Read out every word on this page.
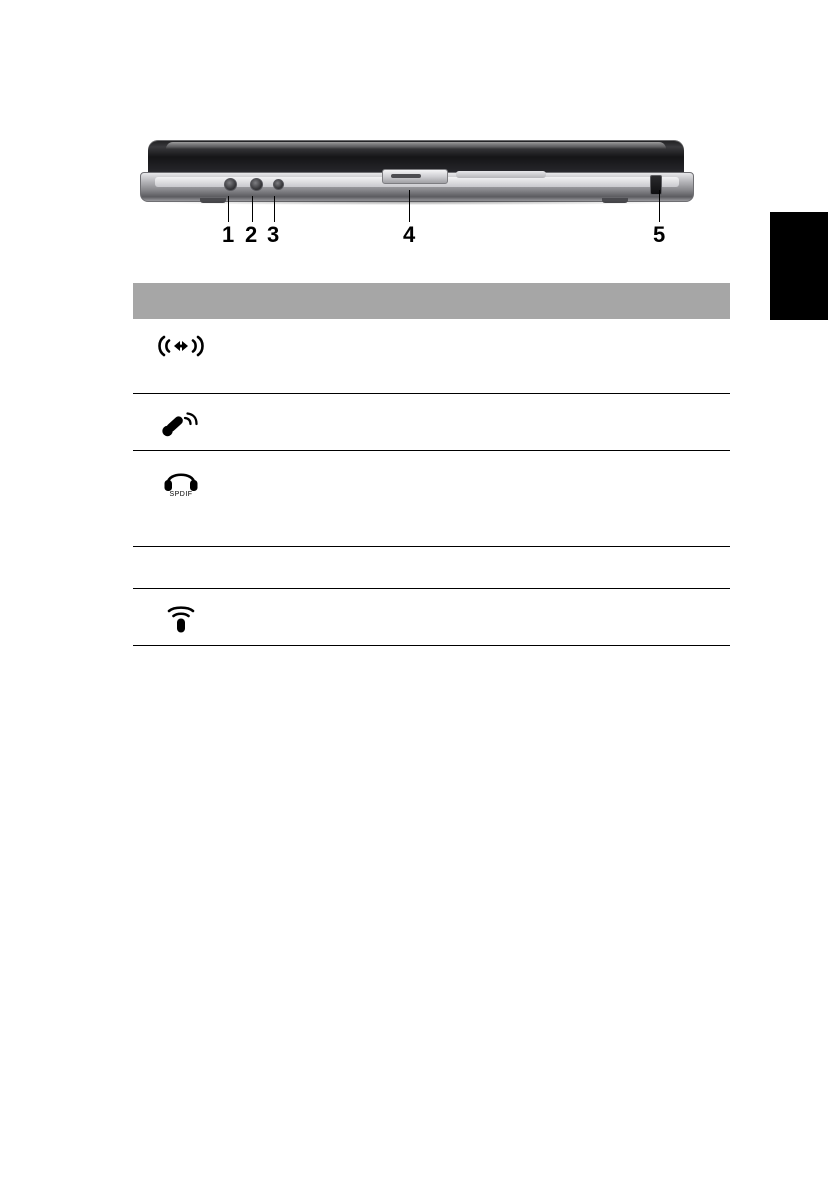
1 2 3	4	5

SPDIF		
